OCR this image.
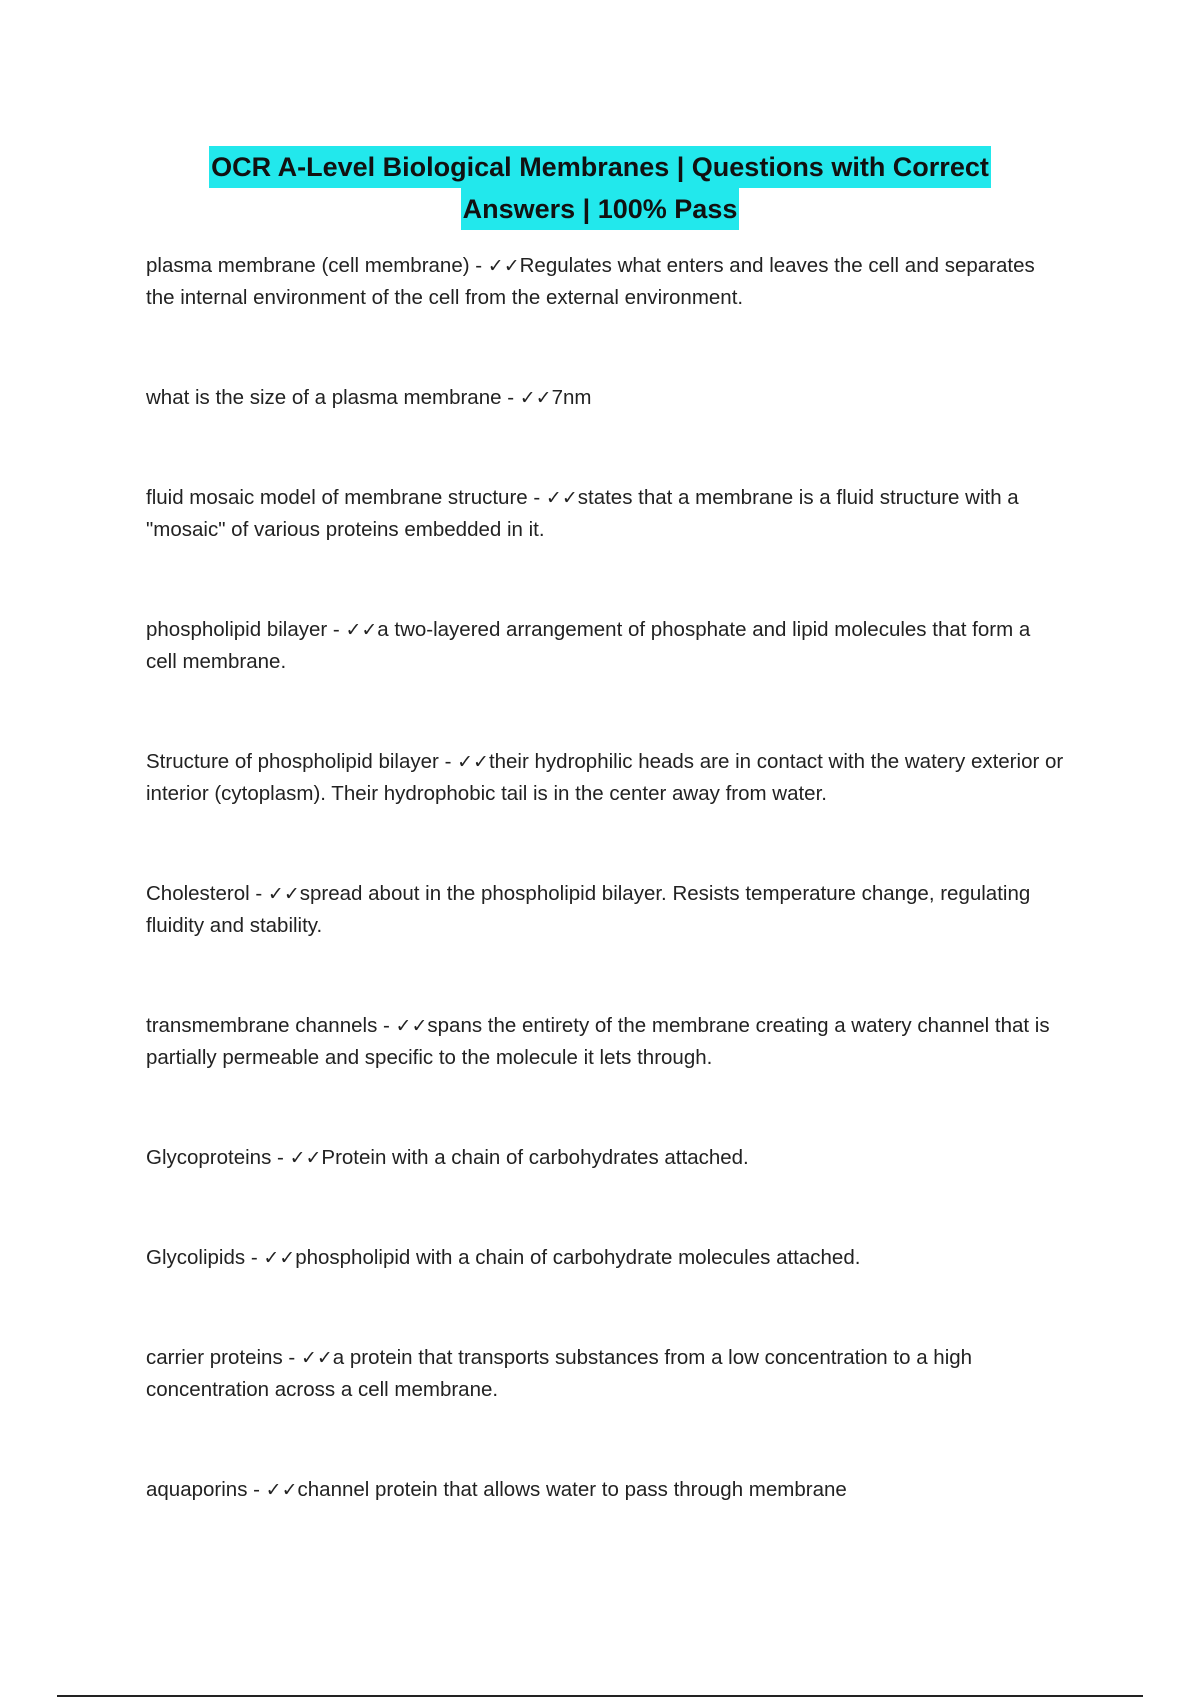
OCR A-Level Biological Membranes | Questions with Correct
Answers | 100% Pass

plasma membrane (cell membrane) - ✓✓Regulates what enters and leaves the cell and separates the internal environment of the cell from the external environment.

what is the size of a plasma membrane - ✓✓7nm

fluid mosaic model of membrane structure - ✓✓states that a membrane is a fluid structure with a "mosaic" of various proteins embedded in it.

phospholipid bilayer - ✓✓a two-layered arrangement of phosphate and lipid molecules that form a cell membrane.

Structure of phospholipid bilayer - ✓✓their hydrophilic heads are in contact with the watery exterior or interior (cytoplasm). Their hydrophobic tail is in the center away from water.

Cholesterol - ✓✓spread about in the phospholipid bilayer. Resists temperature change, regulating fluidity and stability.

transmembrane channels - ✓✓spans the entirety of the membrane creating a watery channel that is partially permeable and specific to the molecule it lets through.

Glycoproteins - ✓✓Protein with a chain of carbohydrates attached.

Glycolipids - ✓✓phospholipid with a chain of carbohydrate molecules attached.

carrier proteins - ✓✓a protein that transports substances from a low concentration to a high concentration across a cell membrane.

aquaporins - ✓✓channel protein that allows water to pass through membrane
